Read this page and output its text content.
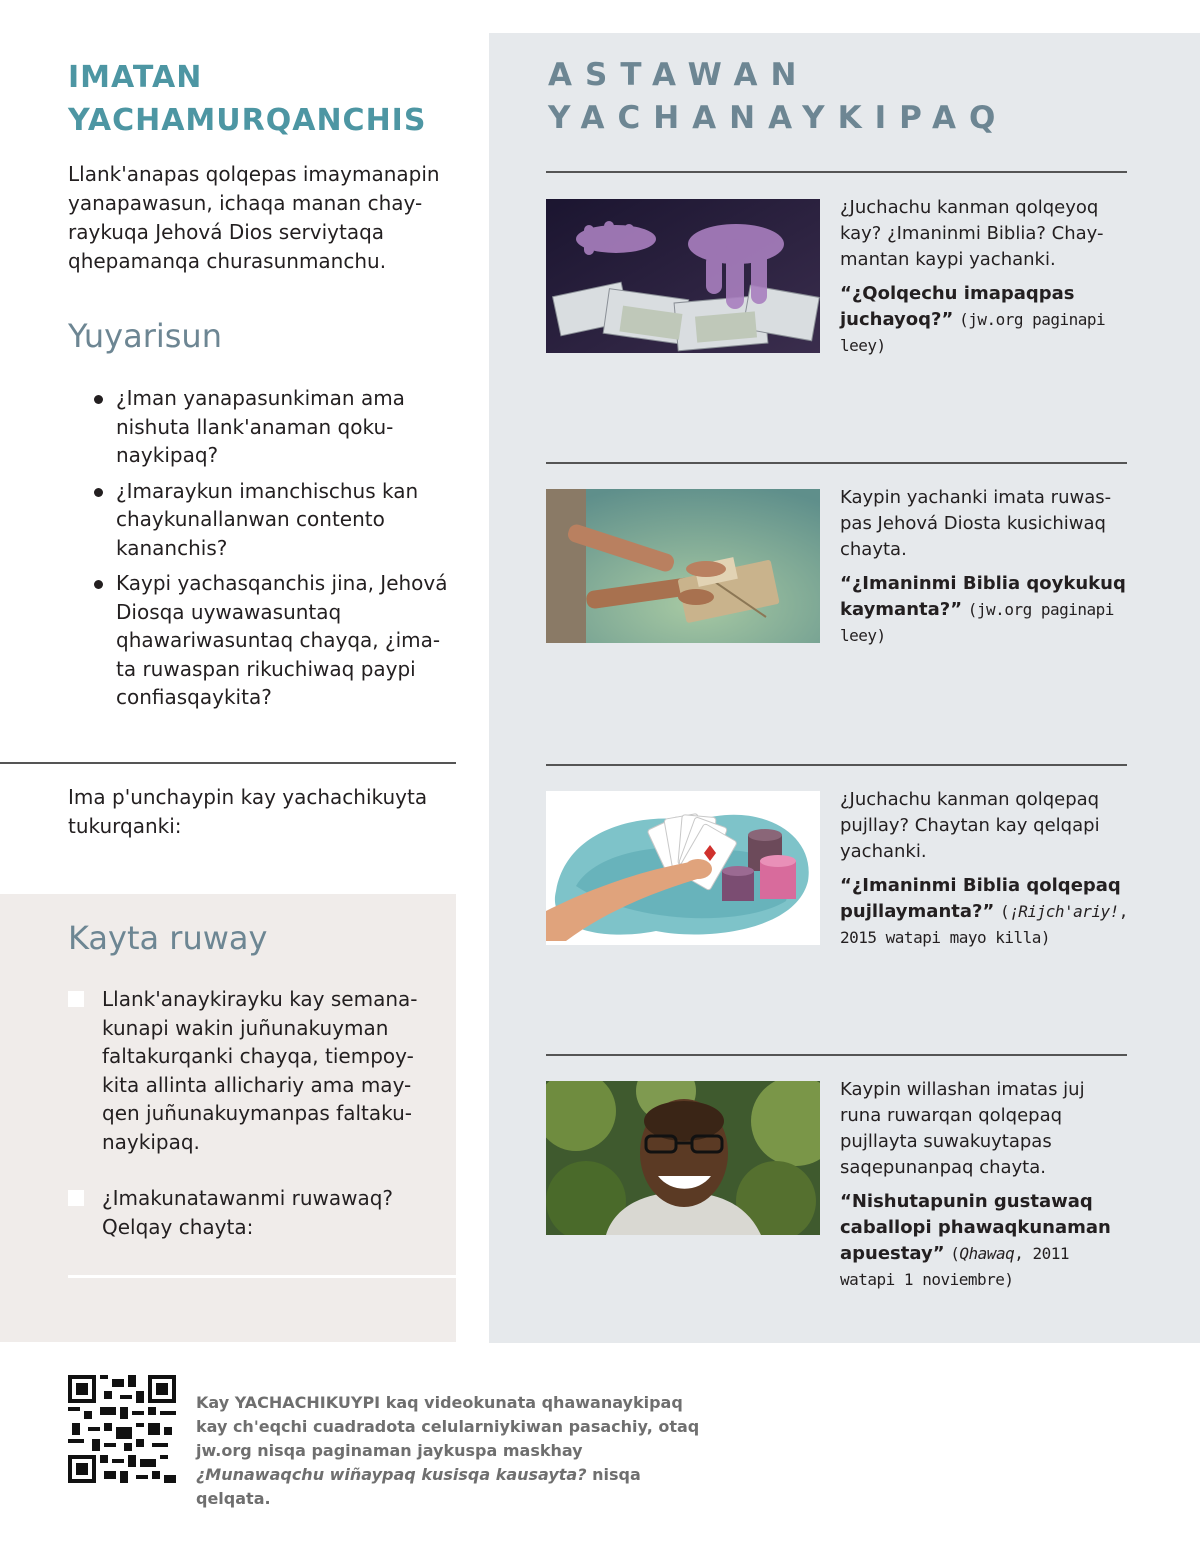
IMATAN
YACHAMURQANCHIS

Llank'anapas qolqepas imaymanapin yanapawasun, ichaqa manan chay-raykuqa Jehová Dios serviytaqa qhepamanqa churasunmanchu.

Yuyarisun
¿Iman yanapasunkiman ama nishuta llank'anaman qoku-naykipaq?
¿Imaraykun imanchischus kan chaykunallanwan contento kananchis?
Kaypi yachasqanchis jina, Jehová Diosqa uywawasuntaq qhawariwasuntaq chayqa, ¿ima-ta ruwaspan rikuchiwaq paypi confiasqaykita?

Ima p'unchaypin kay yachachikuyta tukurqanki:

Kayta ruway

Llank'anaykirayku kay semana-kunapi wakin juñunakuyman faltakurqanki chayqa, tiempoy-kita allinta allichariy ama may-qen juñunakuymanpas faltaku-naykipaq.

¿Imakunatawanmi ruwawaq? Qelqay chayta:

ASTAWAN
YACHANAYKIPAQ

¿Juchachu kanman qolqeyoq kay? ¿Imaninmi Biblia? Chay-mantan kaypi yachanki.

“¿Qolqechu imapaqpas juchayoq?” (jw.org paginapi leey)

Kaypin yachanki imata ruwas-pas Jehová Diosta kusichiwaq chayta.

“¿Imaninmi Biblia qoykukuq kaymanta?” (jw.org paginapi leey)

¿Juchachu kanman qolqepaq pujllay? Chaytan kay qelqapi yachanki.

“¿Imaninmi Biblia qolqepaq pujllaymanta?” (¡Rijch'ariy!, 2015 watapi mayo killa)

Kaypin willashan imatas juj runa ruwarqan qolqepaq pujllayta suwakuytapas saqepunanpaq chayta.

“Nishutapunin gustawaq caballopi phawaqkunaman apuestay” (Qhawaq, 2011 watapi 1 noviembre)

Kay YACHACHIKUYPI kaq videokunata qhawanaykipaq kay ch'eqchi cuadradota celularniykiwan pasachiy, otaq jw.org nisqa paginaman jaykuspa maskhay ¿Munawaqchu wiñaypaq kusisqa kausayta? nisqa qelqata.
